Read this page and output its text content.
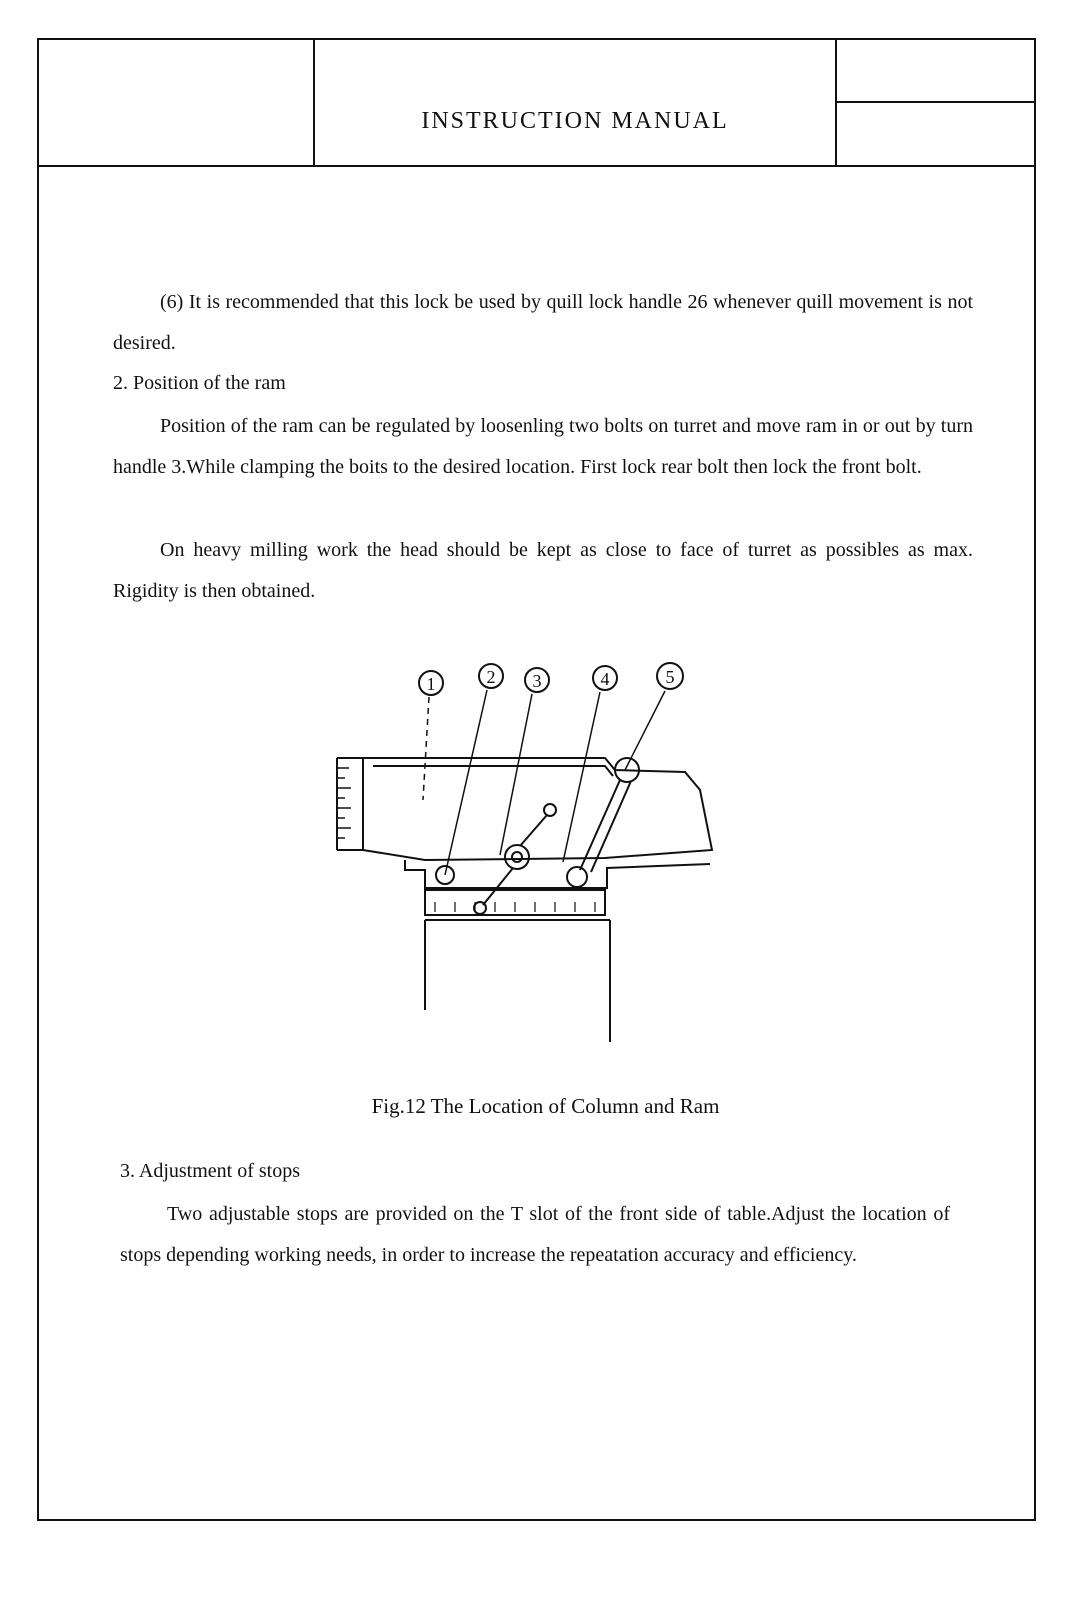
INSTRUCTION MANUAL
(6) It is recommended that this lock be used by quill lock handle 26 whenever quill movement is not desired.
2. Position of the ram
Position of the ram can be regulated by loosenling two bolts on turret and move ram in or out by turn handle 3.While clamping the boits to the desired location. First lock rear bolt then lock the front bolt.
On heavy milling work the head should be kept as close to face of turret as possibles as max. Rigidity is then obtained.
1	2 3	4	5
Fig.12 The Location of Column and Ram
3. Adjustment of stops
Two adjustable stops are provided on the T slot of the front side of table.Adjust the location of stops depending working needs, in order to increase the repeatation accuracy and efficiency.
